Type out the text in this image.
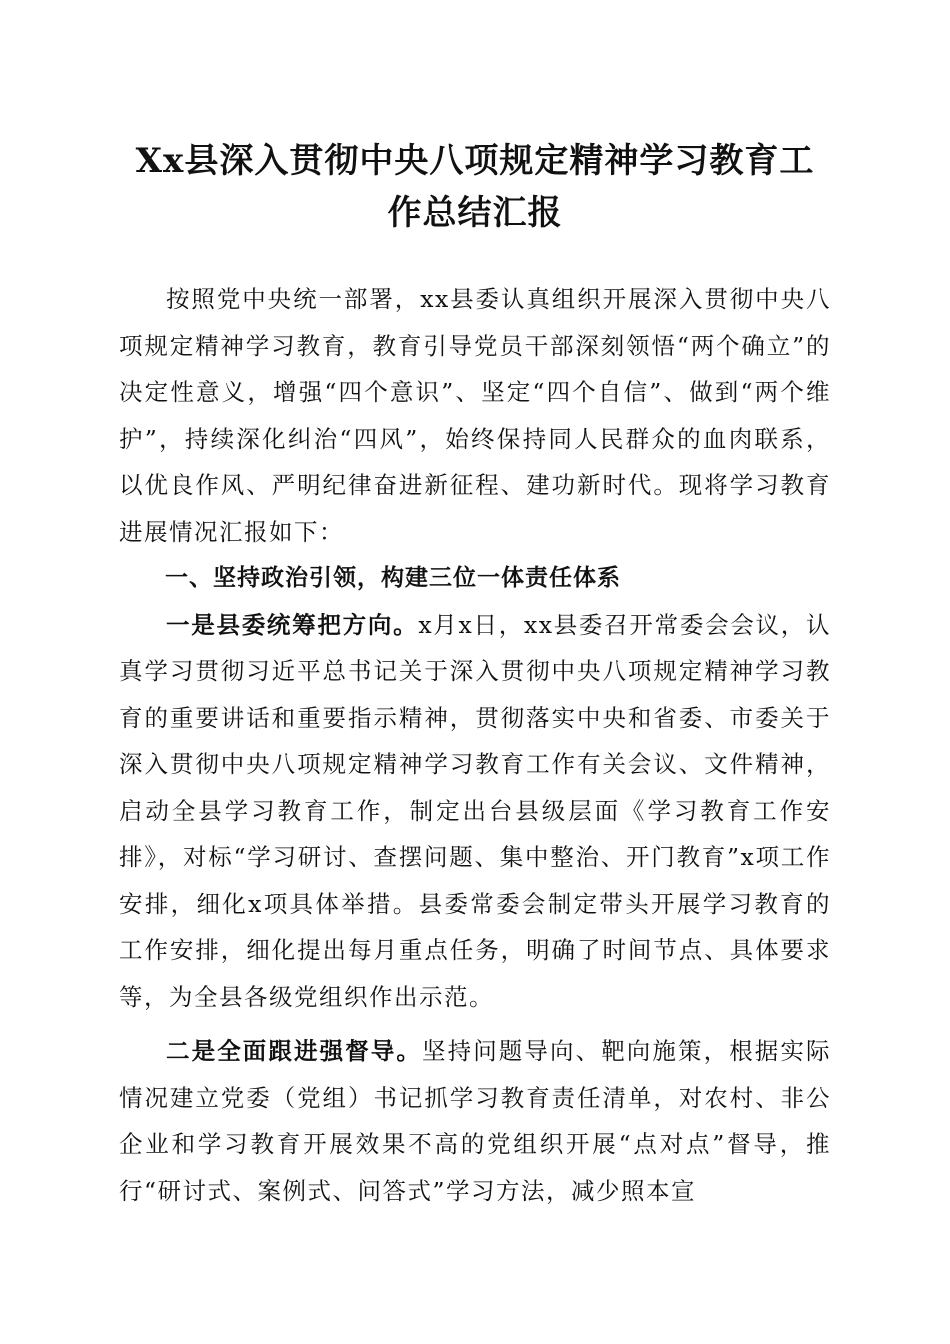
Xx县深入贯彻中央八项规定精神学习教育工
作总结汇报

按照党中央统一部署，xx县委认真组织开展深入贯彻中央八项规定精神学习教育，教育引导党员干部深刻领悟“两个确立”的决定性意义，增强“四个意识”、坚定“四个自信”、做到“两个维护”，持续深化纠治“四风”，始终保持同人民群众的血肉联系，以优良作风、严明纪律奋进新征程、建功新时代。现将学习教育进展情况汇报如下：

一、坚持政治引领，构建三位一体责任体系

一是县委统筹把方向。x月x日，xx县委召开常委会会议，认真学习贯彻习近平总书记关于深入贯彻中央八项规定精神学习教育的重要讲话和重要指示精神，贯彻落实中央和省委、市委关于深入贯彻中央八项规定精神学习教育工作有关会议、文件精神，启动全县学习教育工作，制定出台县级层面《学习教育工作安排》，对标“学习研讨、查摆问题、集中整治、开门教育”x项工作安排，细化x项具体举措。县委常委会制定带头开展学习教育的工作安排，细化提出每月重点任务，明确了时间节点、具体要求等，为全县各级党组织作出示范。

二是全面跟进强督导。坚持问题导向、靶向施策，根据实际情况建立党委（党组）书记抓学习教育责任清单，对农村、非公企业和学习教育开展效果不高的党组织开展“点对点”督导，推行“研讨式、案例式、问答式”学习方法，减少照本宣
